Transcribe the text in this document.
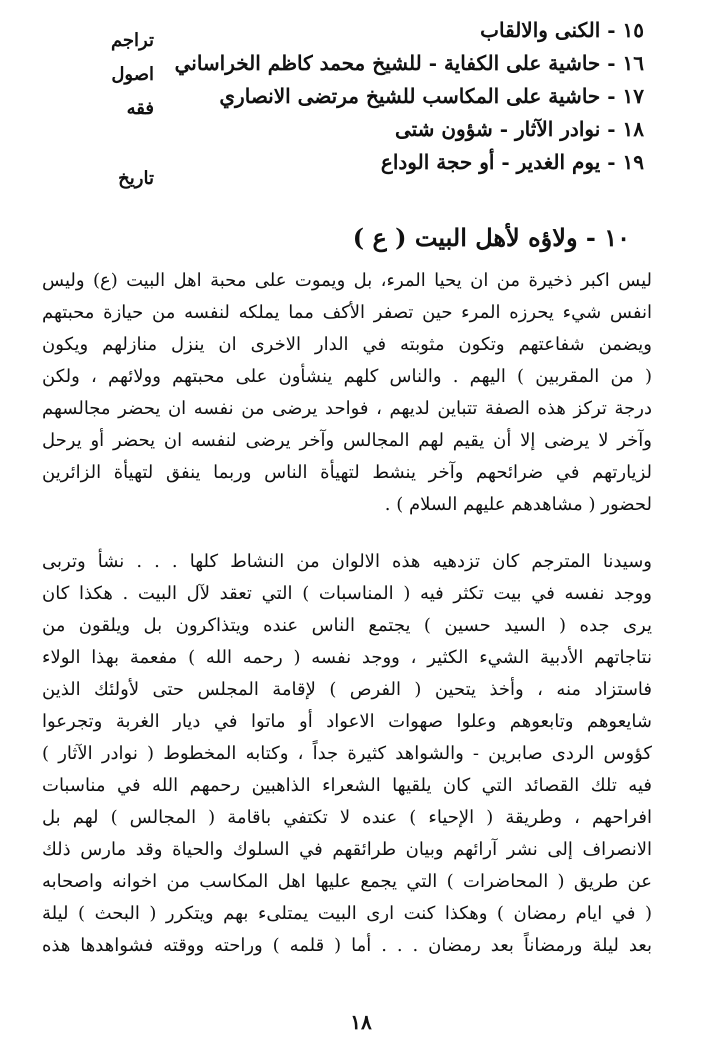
١٥ - الكنى والالقاب
١٦ - حاشية على الكفاية - للشيخ محمد كاظم الخراساني
١٧ - حاشية على المكاسب للشيخ مرتضى الانصاري
١٨ - نوادر الآثار - شؤون شتى
١٩ - يوم الغدير - أو حجة الوداع
تراجم
اصول
فقه
تاريخ
١٠ - ولاؤه لأهل البيت ( ع )
ليس اكبر ذخيرة من ان يحيا المرء، بل ويموت على محبة اهل البيت (ع) وليس
انفس شيء يحرزه المرء حين تصفر الأكف مما يملكه لنفسه من حيازة محبتهم
ويضمن شفاعتهم وتكون مثوبته في الدار الاخرى ان ينزل منازلهم ويكون
( من المقربين ) اليهم . والناس كلهم ينشأون على محبتهم وولائهم ، ولكن
درجة تركز هذه الصفة تتباين لديهم ، فواحد يرضى من نفسه ان يحضر مجالسهم
وآخر لا يرضى إلا أن يقيم لهم المجالس وآخر يرضى لنفسه ان يحضر أو يرحل
لزيارتهم في ضرائحهم وآخر ينشط لتهيأة الناس وربما ينفق لتهيأة الزائرين
لحضور ( مشاهدهم عليهم السلام ) .
وسيدنا المترجم كان تزدهيه هذه الالوان من النشاط كلها . . . نشأ وتربى
ووجد نفسه في بيت تكثر فيه ( المناسبات ) التي تعقد لآل البيت . هكذا كان
يرى جده ( السيد حسين ) يجتمع الناس عنده ويتذاكرون بل ويلقون من
نتاجاتهم الأدبية الشيء الكثير ، ووجد نفسه ( رحمه الله ) مفعمة بهذا الولاء
فاستزاد منه ، وأخذ يتحين ( الفرص ) لإقامة المجلس حتى لأولئك الذين
شايعوهم وتابعوهم وعلوا صهوات الاعواد أو ماتوا في ديار الغربة وتجرعوا
كؤوس الردى صابرين - والشواهد كثيرة جداً ، وكتابه المخطوط ( نوادر الآثار )
فيه تلك القصائد التي كان يلقيها الشعراء الذاهبين رحمهم الله في مناسبات
افراحهم ، وطريقة ( الإحياء ) عنده لا تكتفي باقامة ( المجالس ) لهم بل
الانصراف إلى نشر آرائهم وبيان طرائقهم في السلوك والحياة وقد مارس ذلك
عن طريق ( المحاضرات ) التي يجمع عليها اهل المكاسب من اخوانه واصحابه
( في ايام رمضان ) وهكذا كنت ارى البيت يمتلىء بهم ويتكرر ( البحث ) ليلة
بعد ليلة ورمضاناً بعد رمضان . . . أما ( قلمه ) وراحته ووقته فشواهدها هذه
١٨
